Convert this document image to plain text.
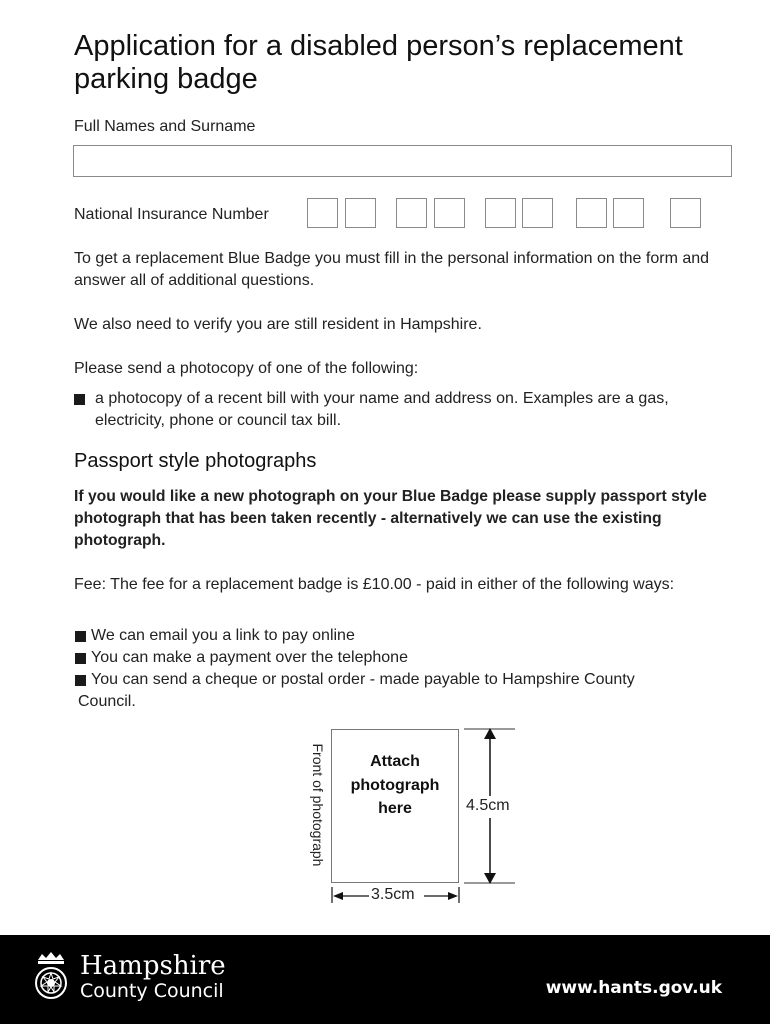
Application for a disabled person’s replacement parking badge
Full Names and Surname
National Insurance Number

To get a replacement Blue Badge you must fill in the personal information on the form and answer all of additional questions.

We also need to verify you are still resident in Hampshire.

Please send a photocopy of one of the following:

a photocopy of a recent bill with your name and address on. Examples are a gas, electricity, phone or council tax bill.

Passport style photographs

If you would like a new photograph on your Blue Badge please supply passport style photograph that has been taken recently - alternatively we can use the existing photograph.

Fee: The fee for a replacement badge is £10.00 - paid in either of the following ways:

We can email you a link to pay online

You can make a payment over the telephone

You can send a cheque or postal order - made payable to Hampshire County Council.

Front of photograph	Attach
photograph
here	4.5cm
3.5cm
Hampshire
County Council	www.hants.gov.uk
